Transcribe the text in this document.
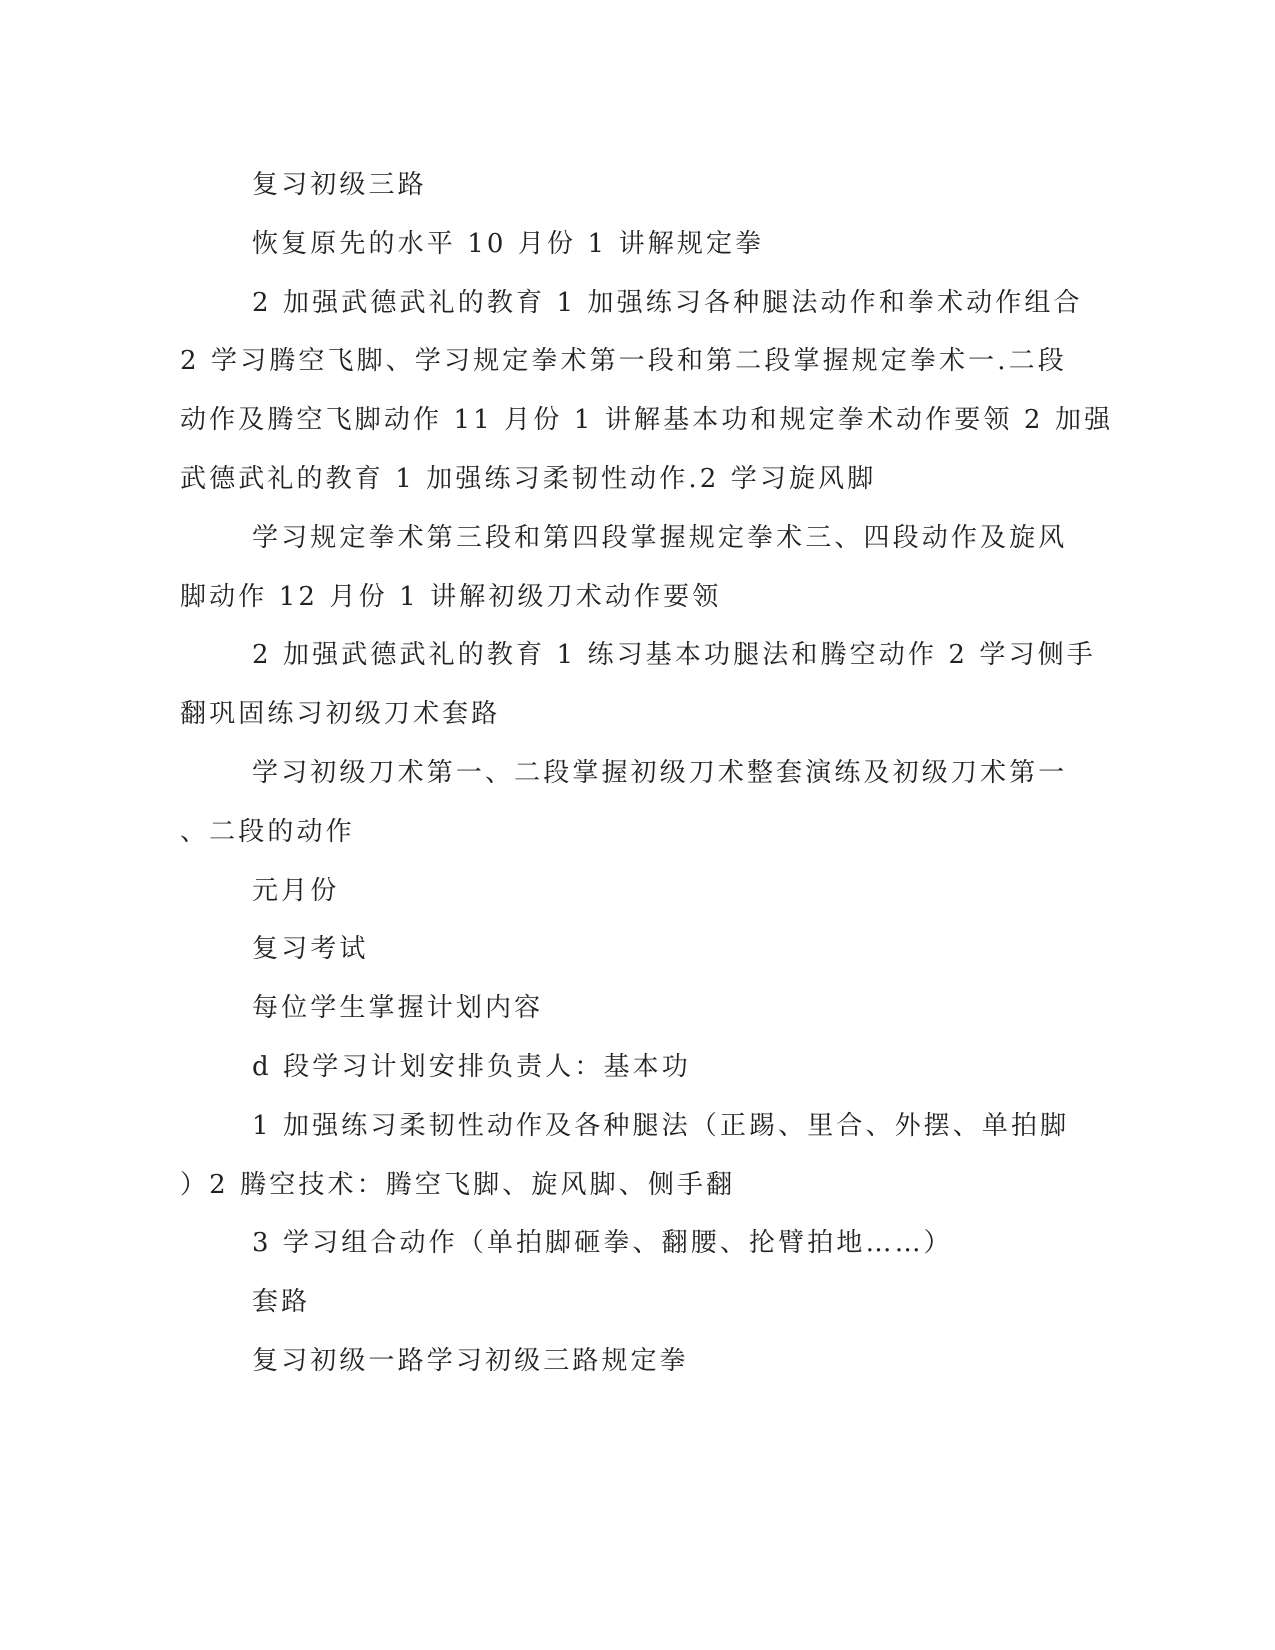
复习初级三路
恢复原先的水平 10 月份 1 讲解规定拳
2 加强武德武礼的教育 1 加强练习各种腿法动作和拳术动作组合
2 学习腾空飞脚、学习规定拳术第一段和第二段掌握规定拳术一.二段
动作及腾空飞脚动作 11 月份 1 讲解基本功和规定拳术动作要领 2 加强
武德武礼的教育 1 加强练习柔韧性动作.2 学习旋风脚
学习规定拳术第三段和第四段掌握规定拳术三、四段动作及旋风
脚动作 12 月份 1 讲解初级刀术动作要领
2 加强武德武礼的教育 1 练习基本功腿法和腾空动作 2 学习侧手
翻巩固练习初级刀术套路
学习初级刀术第一、二段掌握初级刀术整套演练及初级刀术第一
、二段的动作
元月份
复习考试
每位学生掌握计划内容
d 段学习计划安排负责人：基本功
1 加强练习柔韧性动作及各种腿法（正踢、里合、外摆、单拍脚
）2 腾空技术：腾空飞脚、旋风脚、侧手翻
3 学习组合动作（单拍脚砸拳、翻腰、抡臂拍地……）
套路
复习初级一路学习初级三路规定拳
